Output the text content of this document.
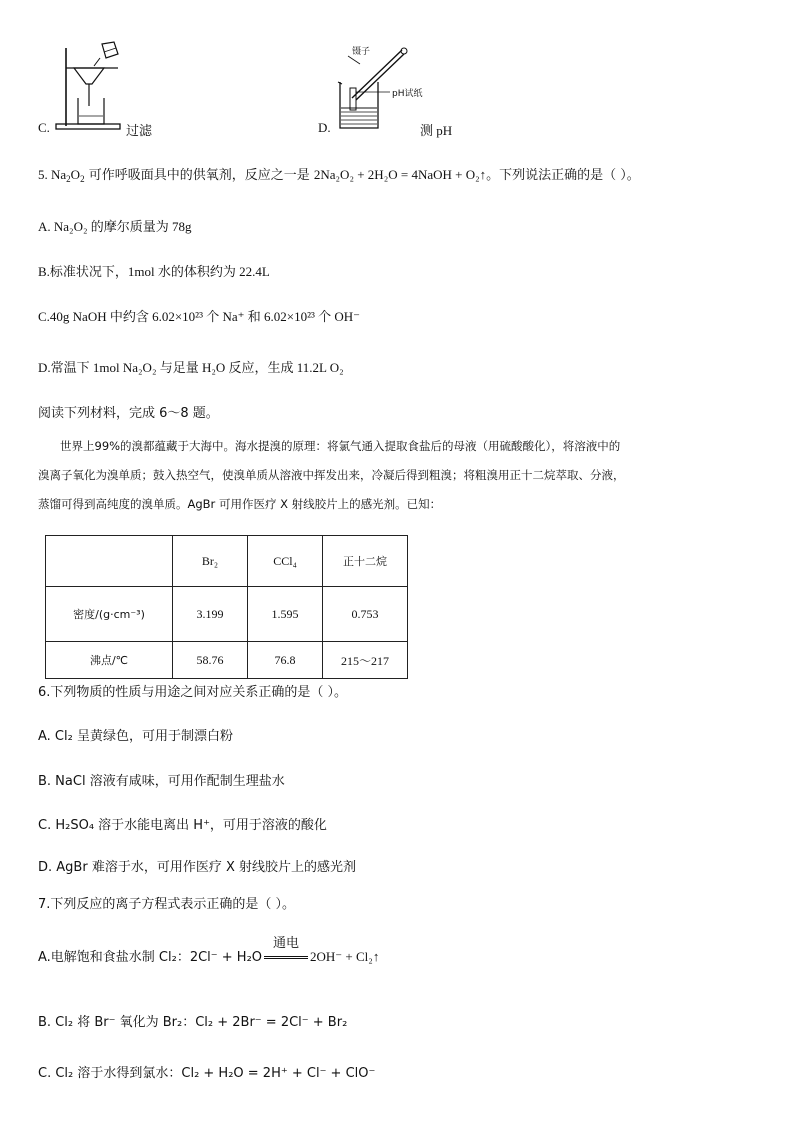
C.	过滤	D.
镊子
pH试纸
测 pH
5. $Na_2O_2$ 可作呼吸面具中的供氧剂，反应之一是 2Na₂O₂ + 2H₂O = 4NaOH + O₂↑。下列说法正确的是（ ）。
A. Na₂O₂ 的摩尔质量为 78g
B.标准状况下，1mol 水的体积约为 22.4L
C.40g NaOH 中约含 6.02×10²³ 个 Na⁺ 和 6.02×10²³ 个 OH⁻
D.常温下 1mol Na₂O₂ 与足量 H₂O 反应，生成 11.2L O₂
阅读下列材料，完成 6～8 题。
世界上99%的溴都蕴藏于大海中。海水提溴的原理：将氯气通入提取食盐后的母液（用硫酸酸化），将溶液中的
溴离子氧化为溴单质；鼓入热空气，使溴单质从溶液中挥发出来，冷凝后得到粗溴；将粗溴用正十二烷萃取、分液，
蒸馏可得到高纯度的溴单质。AgBr 可用作医疗 X 射线胶片上的感光剂。已知：
	Br₂	CCl₄	正十二烷
密度/(g·cm⁻³)	3.199	1.595	0.753
沸点/℃	58.76	76.8	215～217
6.下列物质的性质与用途之间对应关系正确的是（ ）。
A. Cl₂ 呈黄绿色，可用于制漂白粉
B. NaCl 溶液有咸味，可用作配制生理盐水
C. H₂SO₄ 溶于水能电离出 H⁺，可用于溶液的酸化
D. AgBr 难溶于水，可用作医疗 X 射线胶片上的感光剂
7.下列反应的离子方程式表示正确的是（ ）。
A.电解饱和食盐水制 Cl₂：2Cl⁻ + H₂O
通电
2OH⁻ + Cl₂↑
B. Cl₂ 将 Br⁻ 氧化为 Br₂：Cl₂ + 2Br⁻ = 2Cl⁻ + Br₂
C. Cl₂ 溶于水得到氯水：Cl₂ + H₂O = 2H⁺ + Cl⁻ + ClO⁻
